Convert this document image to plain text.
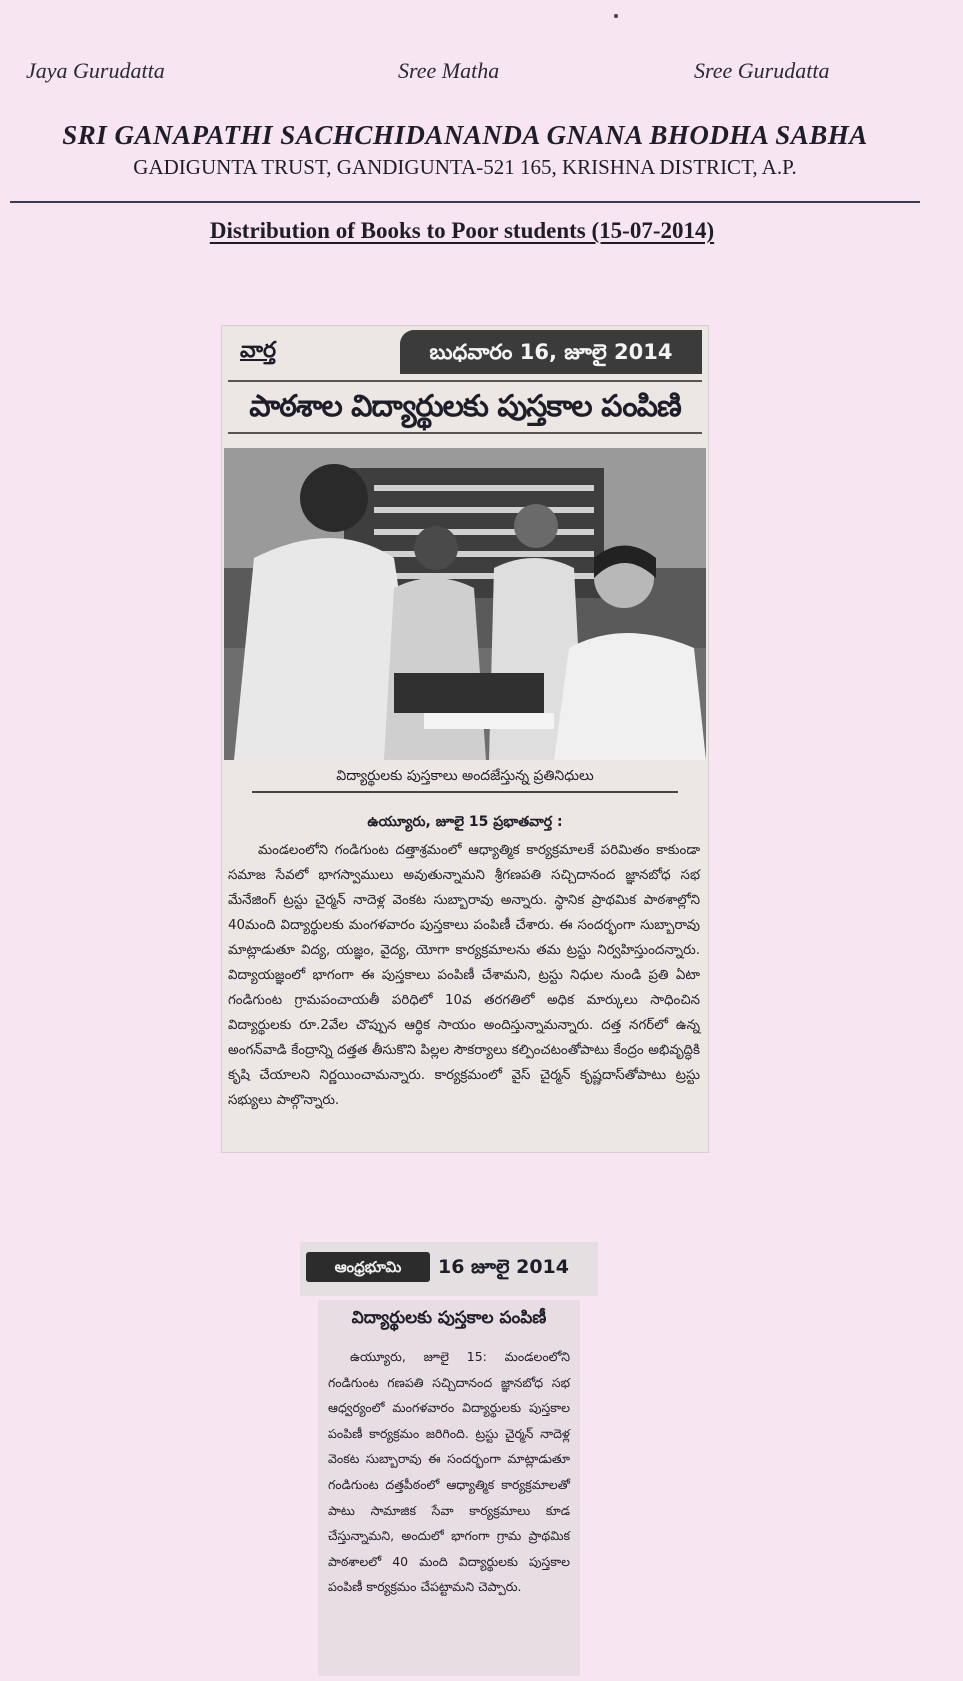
Jaya Gurudatta	Sree Matha	Sree Gurudatta
SRI GANAPATHI SACHCHIDANANDA GNANA BHODHA SABHA
GADIGUNTA TRUST, GANDIGUNTA-521 165, KRISHNA DISTRICT, A.P.
Distribution of Books to Poor students (15-07-2014)
వార్త	బుధవారం 16, జూలై 2014
పాఠశాల విద్యార్థులకు పుస్తకాల పంపిణి
విద్యార్థులకు పుస్తకాలు అందజేస్తున్న ప్రతినిధులు
ఉయ్యూరు, జూలై 15 ప్రభాతవార్త :
మండలంలోని గండిగుంట దత్తాశ్రమంలో ఆధ్యాత్మిక కార్యక్రమాలకే పరిమితం కాకుండా సమాజ సేవలో భాగస్వాములు అవుతున్నామని శ్రీగణపతి సచ్చిదానంద జ్ఞానబోధ సభ మేనేజింగ్ ట్రస్టు చైర్మన్ నాదెళ్ల వెంకట సుబ్బారావు అన్నారు. స్థానిక ప్రాథమిక పాఠశాల్లోని 40మంది విద్యార్థులకు మంగళవారం పుస్తకాలు పంపిణీ చేశారు. ఈ సందర్భంగా సుబ్బారావు మాట్లాడుతూ విద్య, యజ్ఞం, వైద్య, యోగా కార్యక్రమాలను తమ ట్రస్టు నిర్వహిస్తుందన్నారు. విద్యాయజ్ఞంలో భాగంగా ఈ పుస్తకాలు పంపిణీ చేశామని, ట్రస్టు నిధుల నుండి ప్రతి ఏటా గండిగుంట గ్రామపంచాయతీ పరిధిలో 10వ తరగతిలో అధిక మార్కులు సాధించిన విద్యార్థులకు రూ.2వేల చొప్పున ఆర్థిక సాయం అందిస్తున్నామన్నారు. దత్త నగర్‌లో ఉన్న అంగన్‌వాడి కేంద్రాన్ని దత్తత తీసుకొని పిల్లల సౌకర్యాలు కల్పించటంతోపాటు కేంద్రం అభివృద్ధికి కృషి చేయాలని నిర్ణయించామన్నారు. కార్యక్రమంలో వైస్ చైర్మన్ కృష్ణదాస్‌తోపాటు ట్రస్టు సభ్యులు పాల్గొన్నారు.
ఆంధ్రభూమి	16 జూలై 2014
విద్యార్థులకు పుస్తకాల పంపిణీ
ఉయ్యూరు, జూలై 15: మండలంలోని గండిగుంట గణపతి సచ్చిదానంద జ్ఞానబోధ సభ ఆధ్వర్యంలో మంగళవారం విద్యార్థులకు పుస్తకాల పంపిణీ కార్యక్రమం జరిగింది. ట్రస్టు చైర్మన్ నాదెళ్ల వెంకట సుబ్బారావు ఈ సందర్భంగా మాట్లాడుతూ గండిగుంట దత్తపీఠంలో ఆధ్యాత్మిక కార్యక్రమాలతో పాటు సామాజిక సేవా కార్యక్రమాలు కూడ చేస్తున్నామని, అందులో భాగంగా గ్రామ ప్రాథమిక పాఠశాలలో 40 మంది విద్యార్థులకు పుస్తకాల పంపిణీ కార్యక్రమం చేపట్టామని చెప్పారు.
